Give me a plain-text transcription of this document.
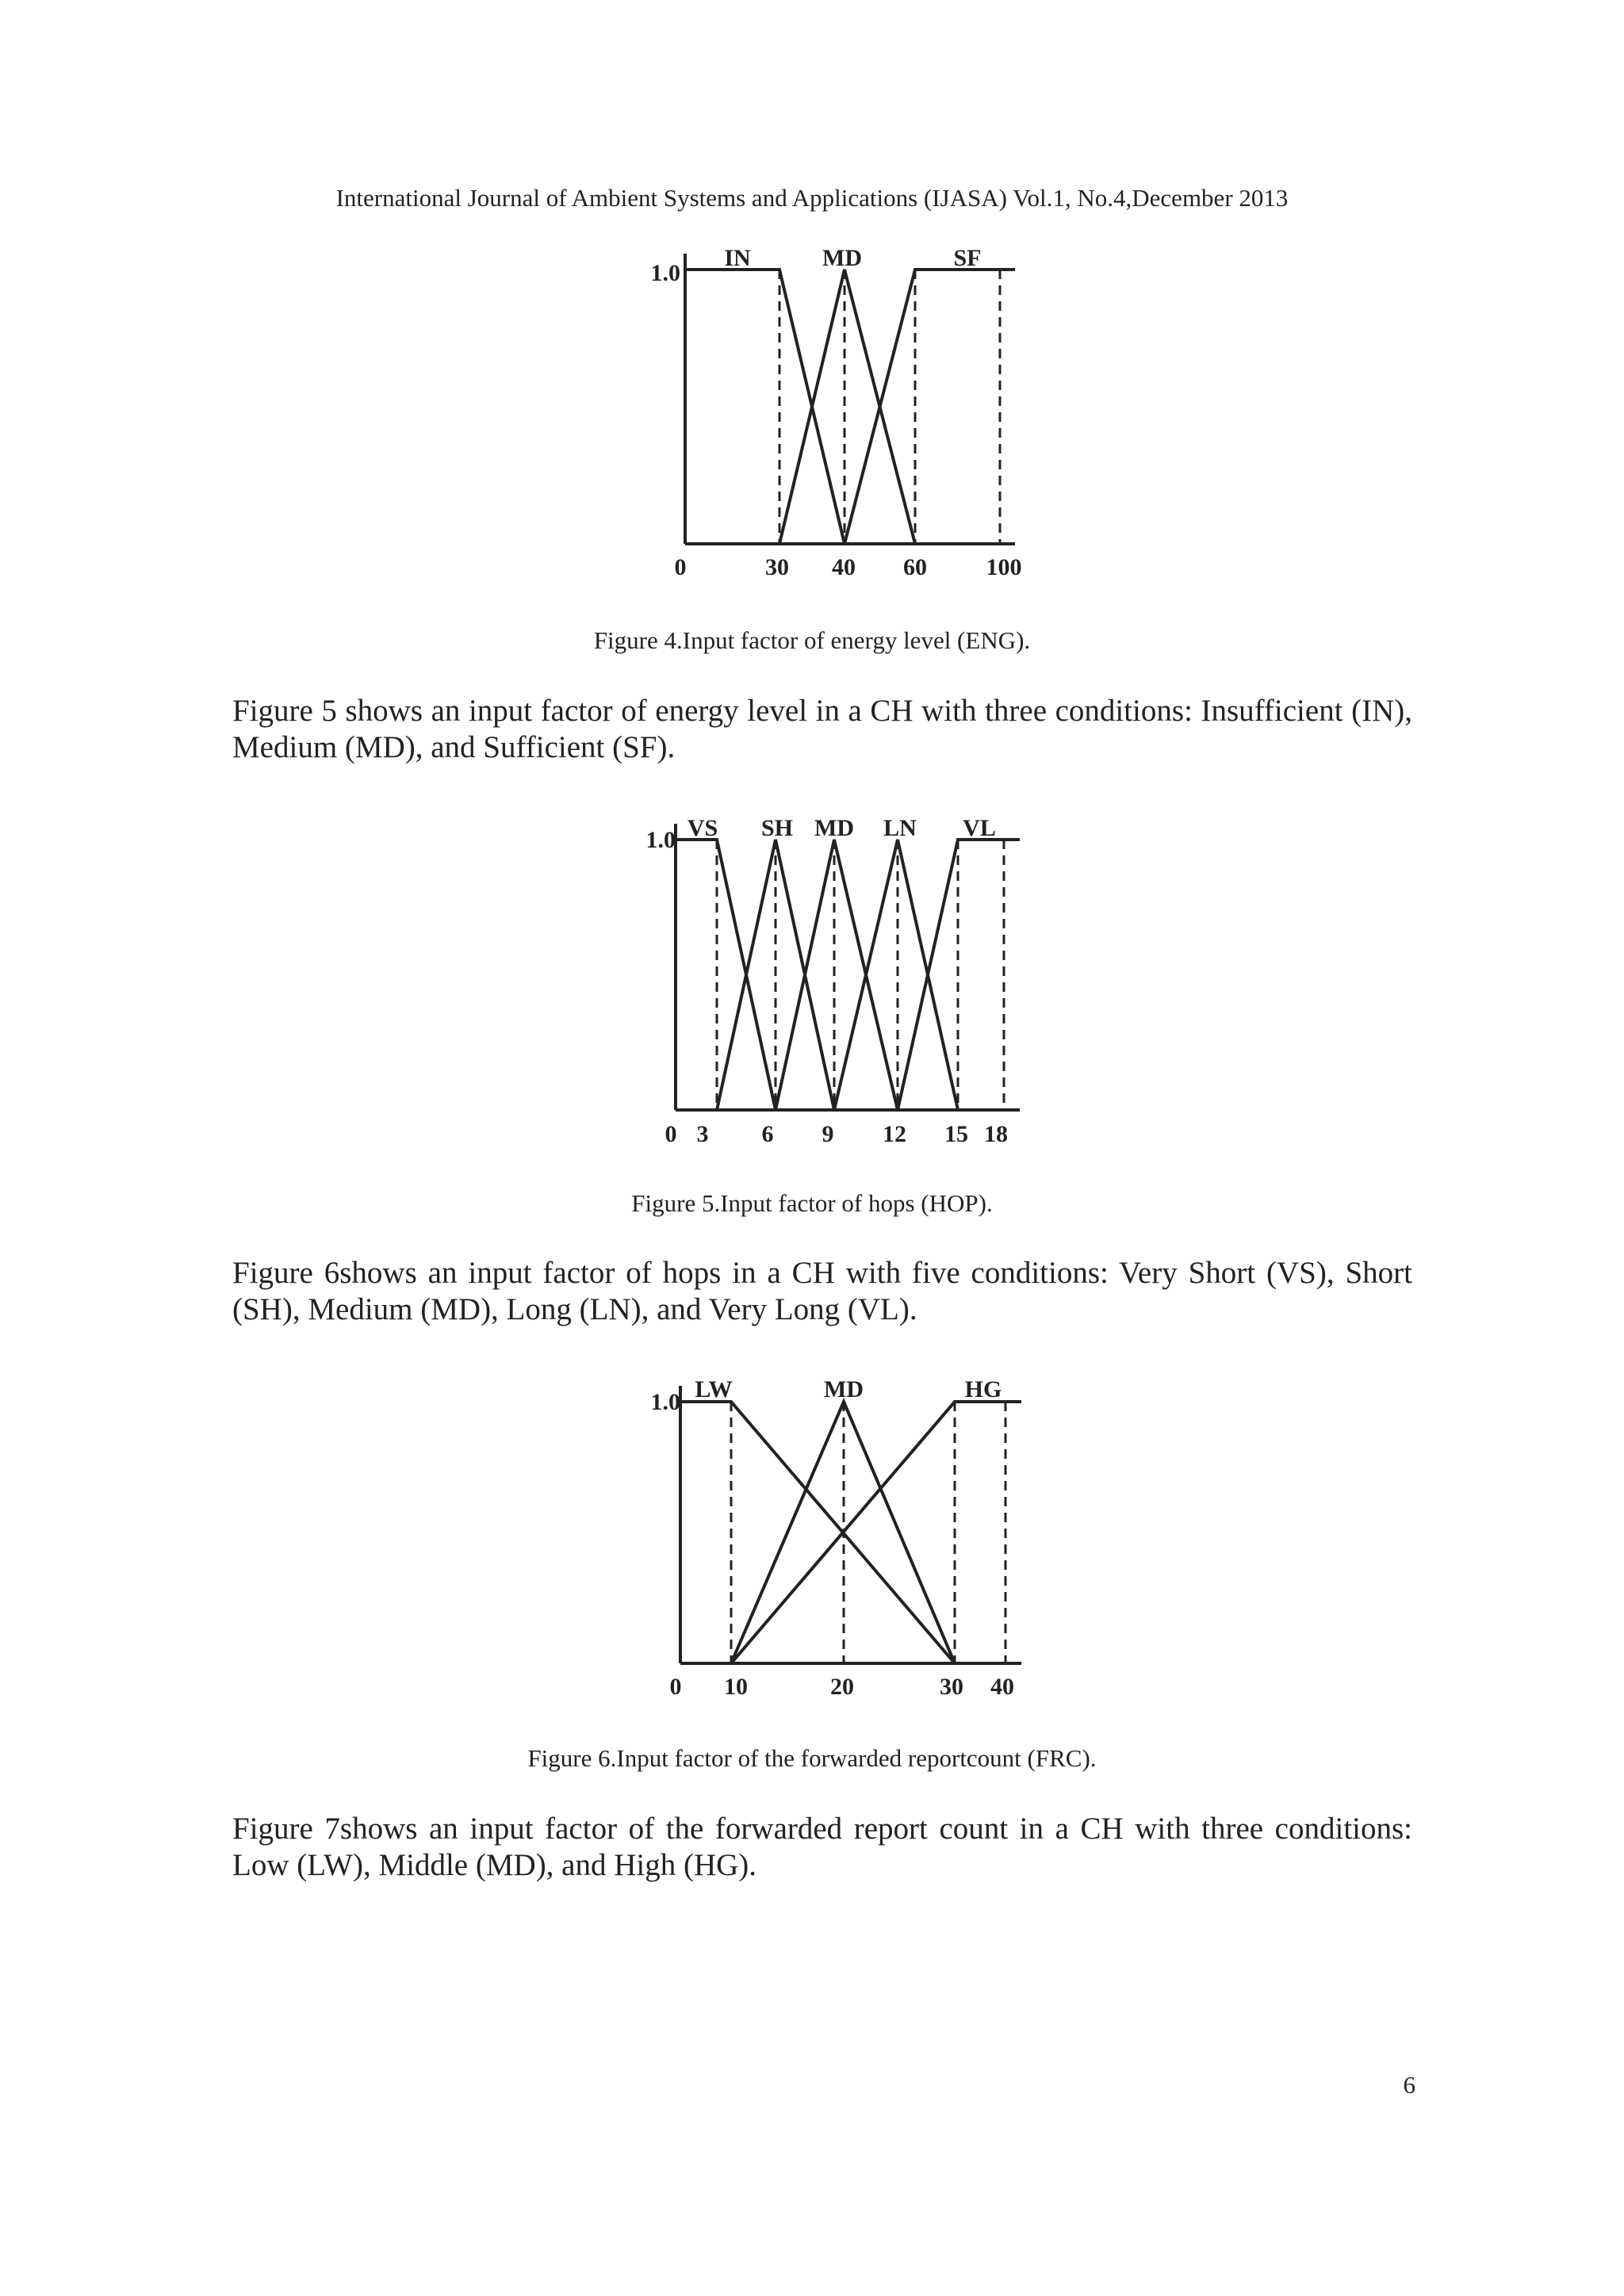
International Journal of Ambient Systems and Applications (IJASA) Vol.1, No.4,December 2013
1.0
IN	MD	SF
0	30 40 60 100
Figure 4.Input factor of energy level (ENG).
Figure 5 shows an input factor of energy level in a CH with three conditions: Insufficient (IN), Medium (MD), and Sufficient (SF).
1.0 VS SH MD LN VL
0 3 6 9 12 15 18
Figure 5.Input factor of hops (HOP).
Figure 6shows an input factor of hops in a CH with five conditions: Very Short (VS), Short (SH), Medium (MD), Long (LN), and Very Long (VL).
1.0 LW	MD	HG
0 10	20	30 40
Figure 6.Input factor of the forwarded reportcount (FRC).
Figure 7shows an input factor of the forwarded report count in a CH with three conditions: Low (LW), Middle (MD), and High (HG).
6
